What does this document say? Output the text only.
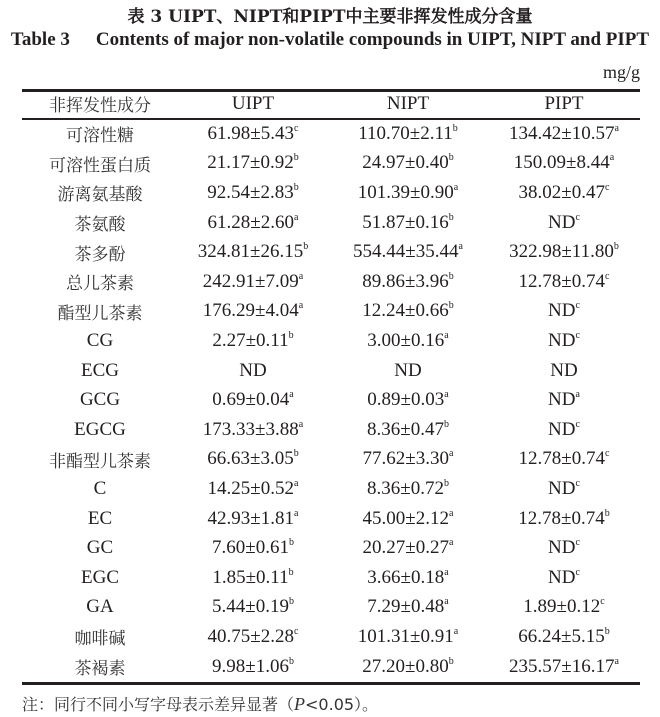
表 3 UIPT、NIPT和PIPT中主要非挥发性成分含量
Table 3 Contents of major non-volatile compounds in UIPT, NIPT and PIPT
mg/g
非挥发性成分	UIPT	NIPT	PIPT
可溶性糖	61.98±5.43$^c$	110.70±2.11$^b$	134.42±10.57$^a$
可溶性蛋白质	21.17±0.92$^b$	24.97±0.40$^b$	150.09±8.44$^a$
游离氨基酸	92.54±2.83$^b$	101.39±0.90$^a$	38.02±0.47$^c$
茶氨酸	61.28±2.60$^a$	51.87±0.16$^b$	$ND^c$
茶多酚	324.81±26.15$^b$	554.44±35.44$^a$	322.98±11.80$^b$
总儿茶素	242.91±7.09$^a$	89.86±3.96$^b$	12.78±0.74$^c$
酯型儿茶素	176.29±4.04$^a$	12.24±0.66$^b$	$ND^c$
CG	2.27±0.11$^b$	3.00±0.16$^a$	$ND^c$
ECG	ND	ND	ND
GCG	0.69±0.04$^a$	0.89±0.03$^a$	$ND^a$
EGCG	173.33±3.88$^a$	8.36±0.47$^b$	$ND^c$
非酯型儿茶素	66.63±3.05$^b$	77.62±3.30$^a$	12.78±0.74$^c$
C	14.25±0.52$^a$	8.36±0.72$^b$	$ND^c$
EC	42.93±1.81$^a$	45.00±2.12$^a$	12.78±0.74$^b$
GC	7.60±0.61$^b$	20.27±0.27$^a$	$ND^c$
EGC	1.85±0.11$^b$	3.66±0.18$^a$	$ND^c$
GA	5.44±0.19$^b$	7.29±0.48$^a$	1.89±0.12$^c$
咖啡碱	40.75±2.28$^c$	101.31±0.91$^a$	66.24±5.15$^b$
茶褐素	9.98±1.06$^b$	27.20±0.80$^b$	235.57±16.17$^a$
注：同行不同小写字母表示差异显著（P<0.05）。
